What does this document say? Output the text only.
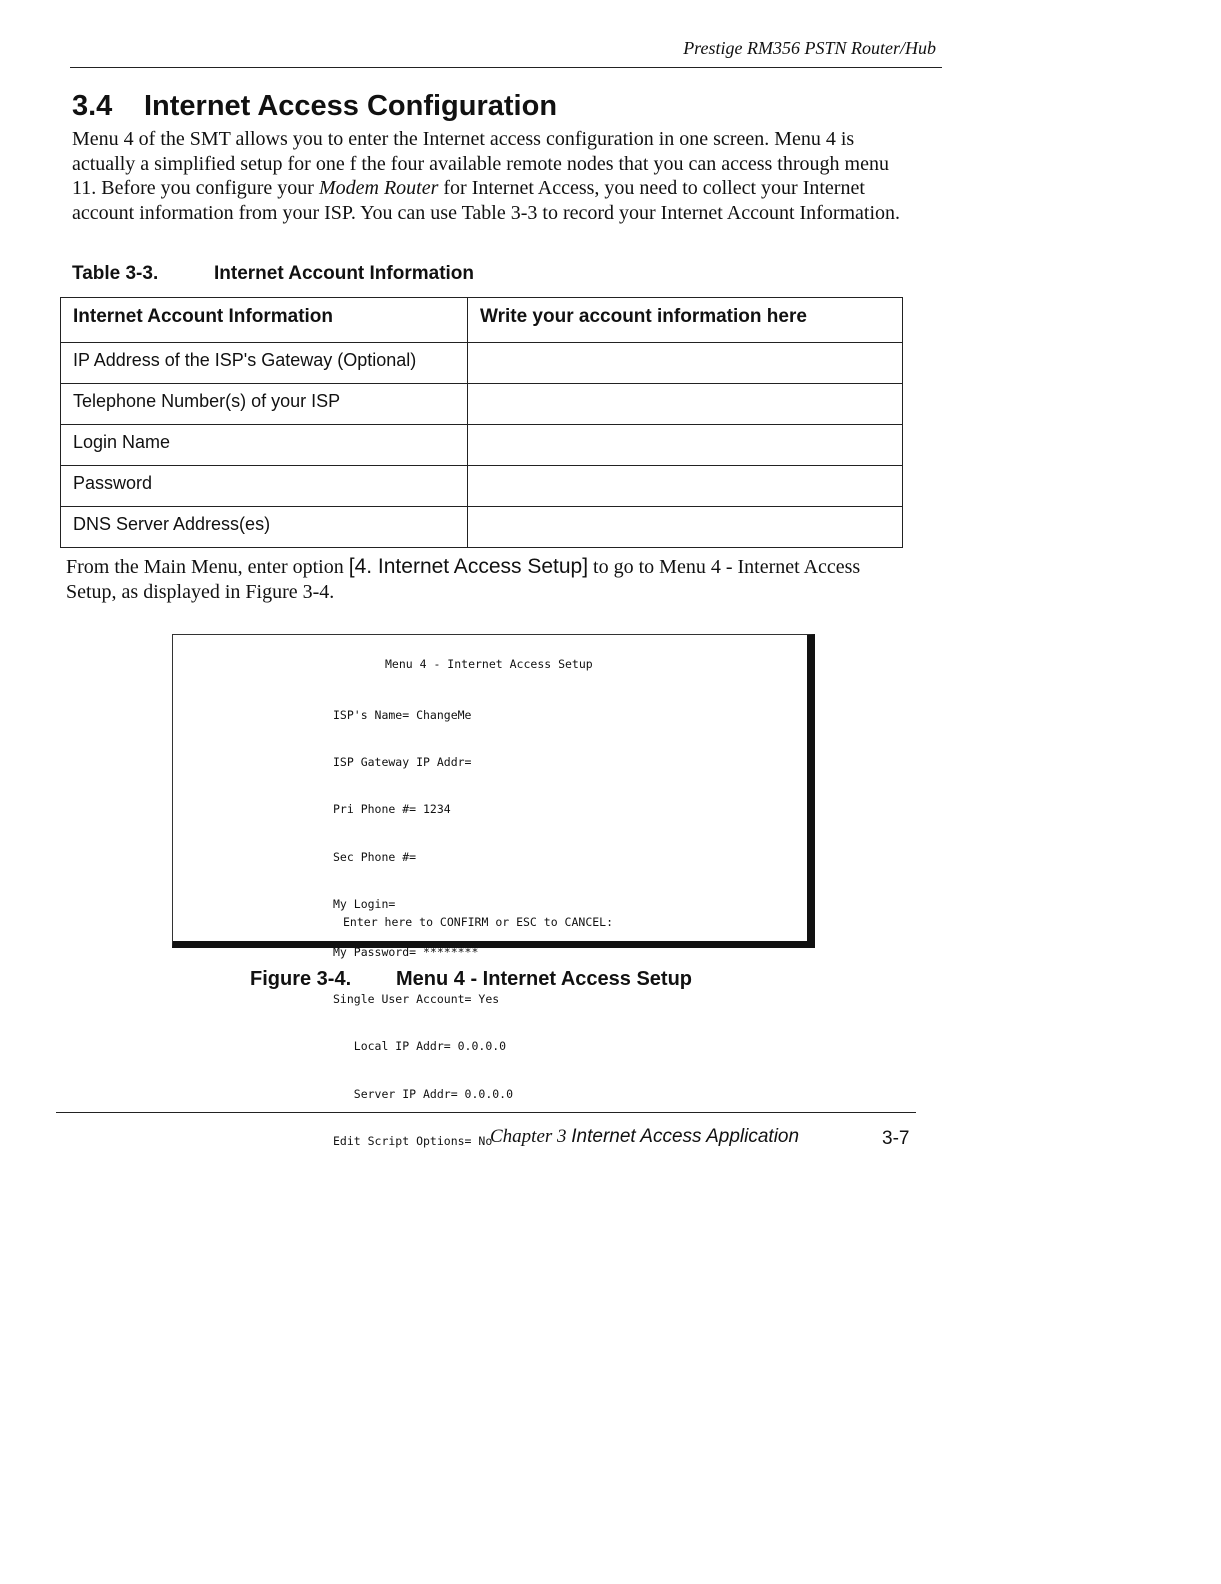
Prestige RM356 PSTN Router/Hub
3.4 Internet Access Configuration
Menu 4 of the SMT allows you to enter the Internet access configuration in one screen. Menu 4 is actually a simplified setup for one f the four available remote nodes that you can access through menu 11. Before you configure your Modem Router for Internet Access, you need to collect your Internet account information from your ISP. You can use Table 3-3 to record your Internet Account Information.
Table 3-3.	Internet Account Information
Internet Account Information	Write your account information here
IP Address of the ISP's Gateway (Optional)	
Telephone Number(s) of your ISP	
Login Name	
Password	
DNS Server Address(es)	
From the Main Menu, enter option [4. Internet Access Setup] to go to Menu 4 - Internet Access Setup, as displayed in Figure 3-4.
Menu 4 - Internet Access Setup

ISP's Name= ChangeMe

ISP Gateway IP Addr=

Pri Phone #= 1234

Sec Phone #=

My Login=

My Password= ********

Single User Account= Yes

Local IP Addr= 0.0.0.0

Server IP Addr= 0.0.0.0

Edit Script Options= No

Enter here to CONFIRM or ESC to CANCEL:
Figure 3-4. Menu 4 - Internet Access Setup
Chapter 3 Internet Access Application	3-7
